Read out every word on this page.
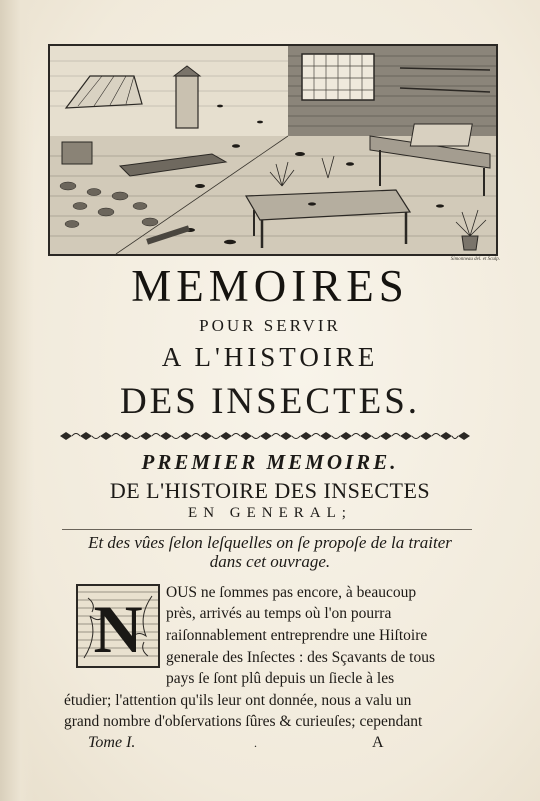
Simonneau del. et Sculp.
MEMOIRES
POUR SERVIR
A L'HISTOIRE
DES INSECTES.
PREMIER MEMOIRE.
DE L'HISTOIRE DES INSECTES
EN GENERAL;
Et des vûes ſelon leſquelles on ſe propoſe de la traiter
dans cet ouvrage.
N	OUS ne ſommes pas encore, à beaucoup
près, arrivés au temps où l'on pourra
raiſonnablement entreprendre une Hiſtoire
generale des Inſectes : des Sçavants de tous
pays ſe ſont plû depuis un ſiecle à les
étudier; l'attention qu'ils leur ont donnée, nous a valu un
grand nombre d'obſervations ſûres & curieuſes; cependant
Tome I.	.	A
